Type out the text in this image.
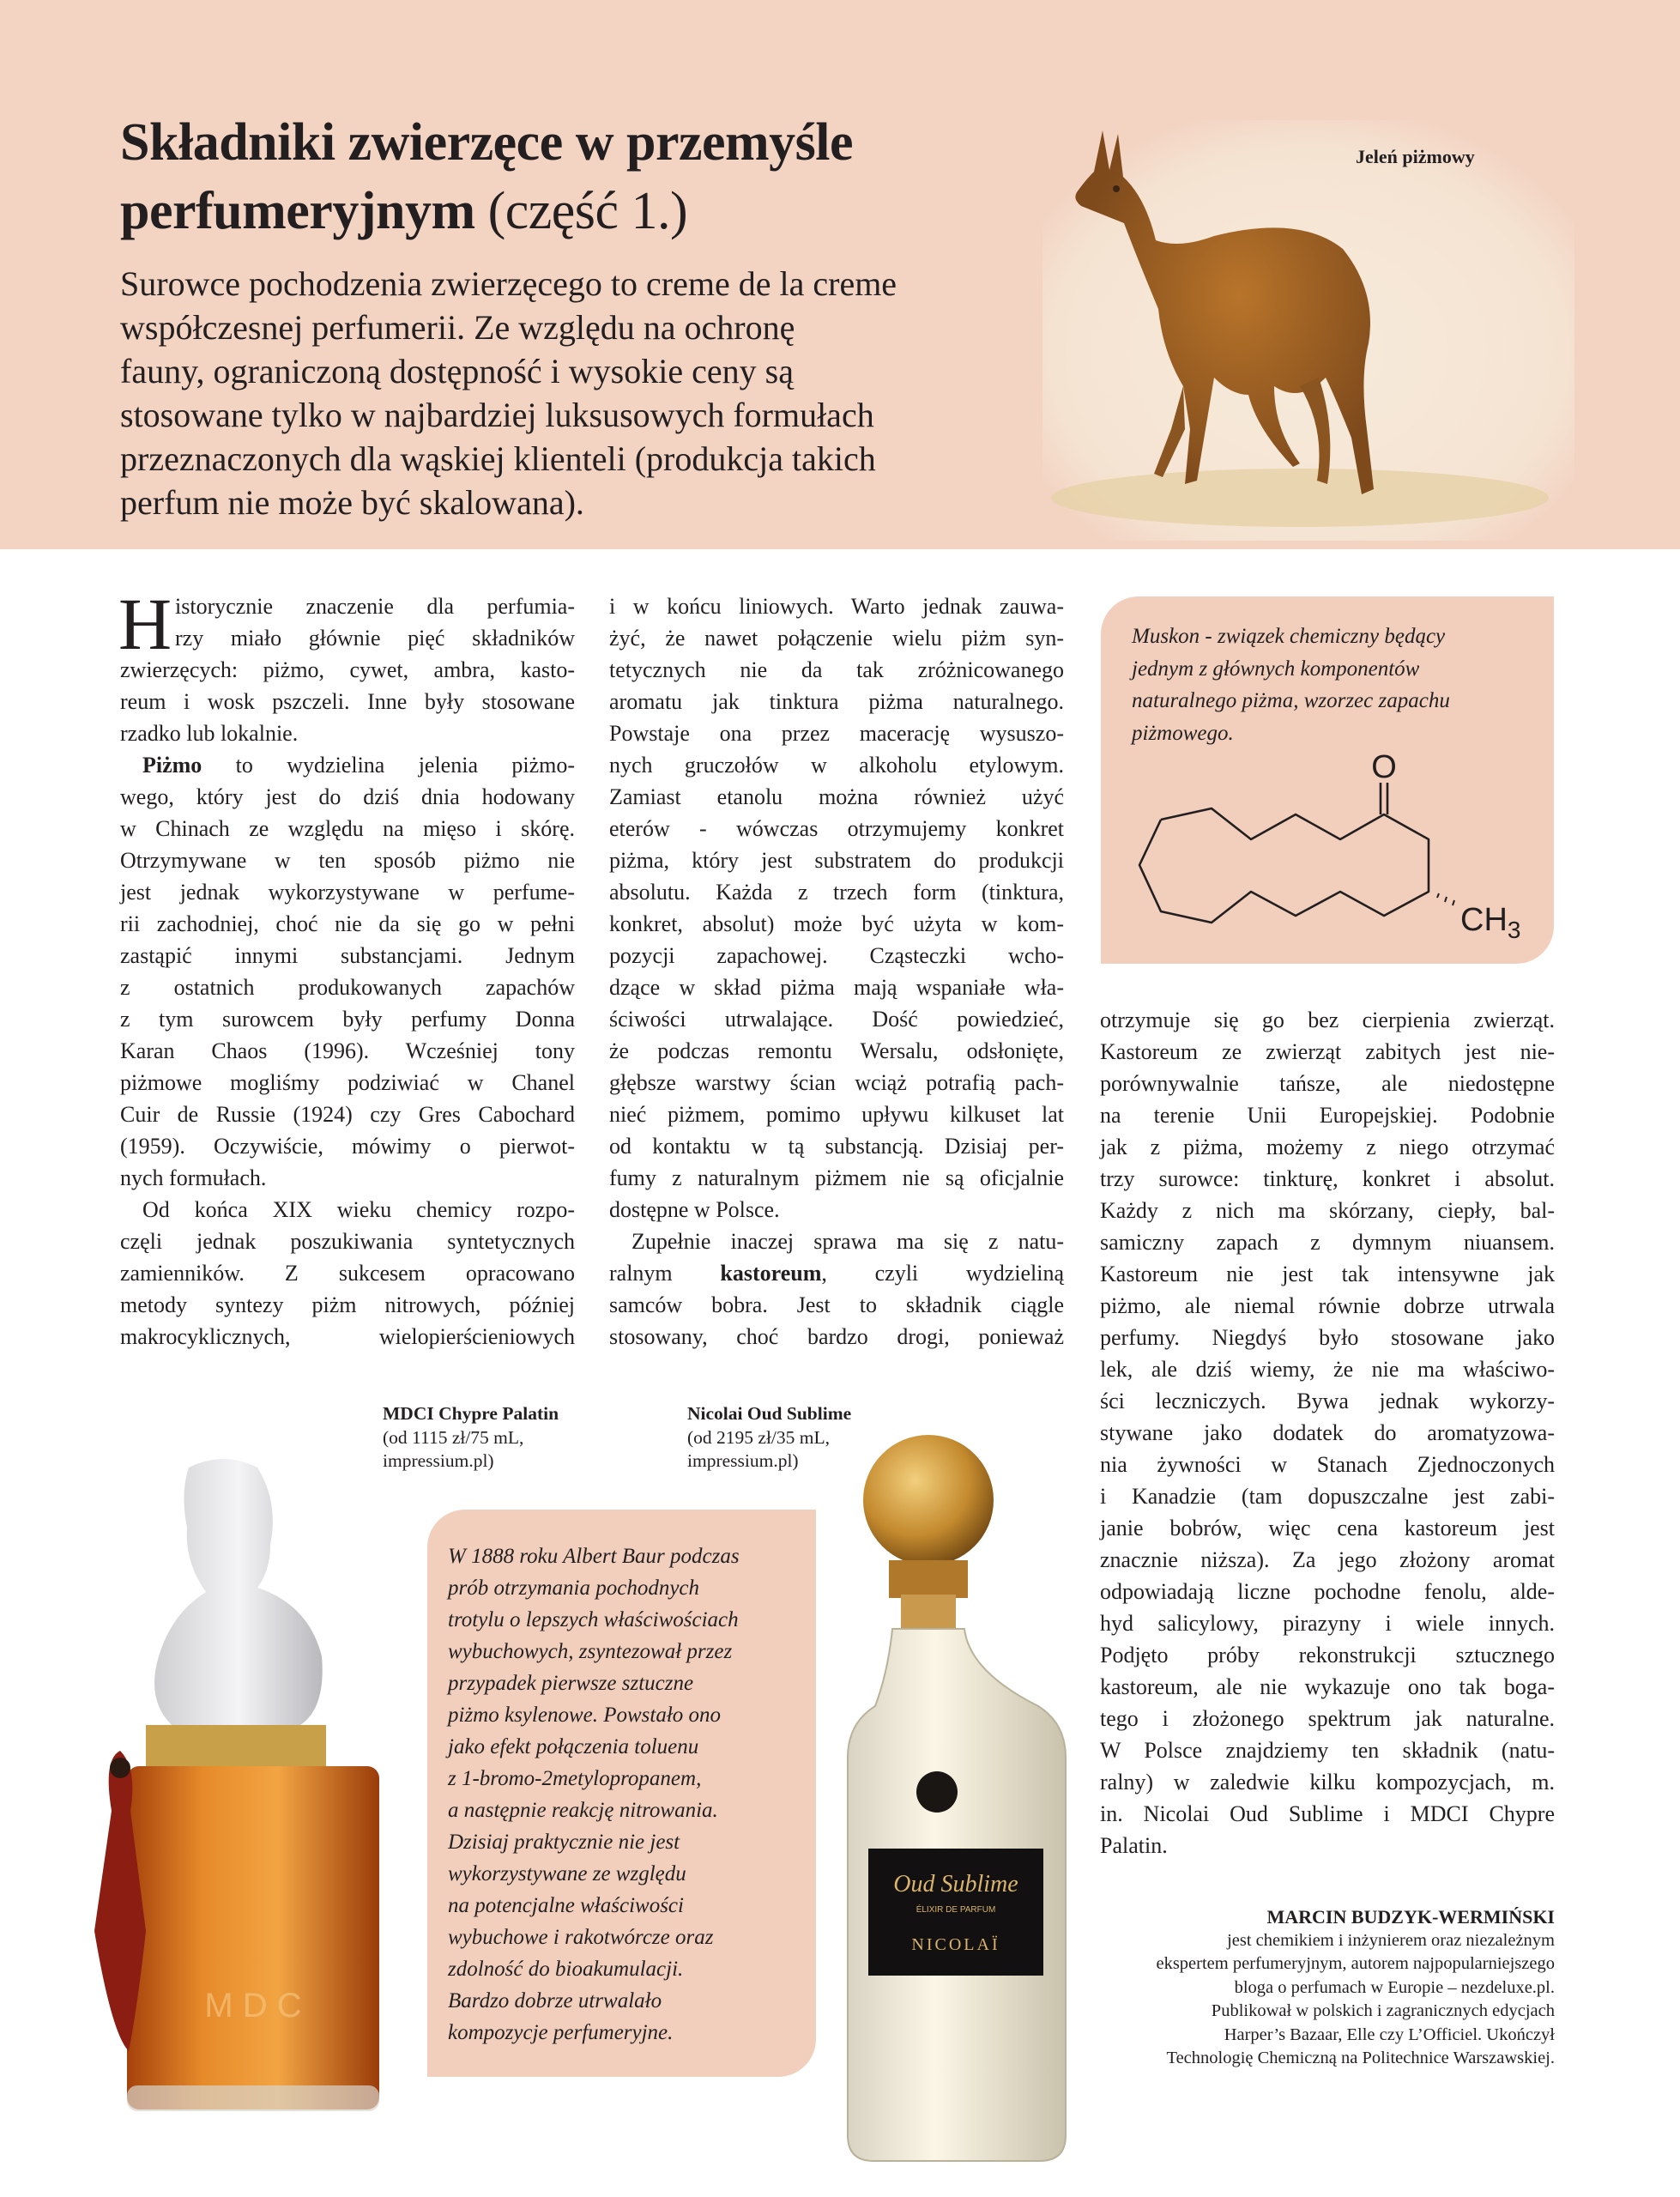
Składniki zwierzęce w przemyśle
perfumeryjnym (część 1.)
Surowce pochodzenia zwierzęcego to creme de la creme
współczesnej perfumerii. Ze względu na ochronę
fauny, ograniczoną dostępność i wysokie ceny są
stosowane tylko w najbardziej luksusowych formułach
przeznaczonych dla wąskiej klienteli (produkcja takich
perfum nie może być skalowana).
Jeleń piżmowy
H istorycznie znaczenie dla perfumia-
rzy miało głównie pięć składników
zwierzęcych: piżmo, cywet, ambra, kasto-
reum i wosk pszczeli. Inne były stosowane
rzadko lub lokalnie.
Piżmo to wydzielina jelenia piżmo-
wego, który jest do dziś dnia hodowany
w Chinach ze względu na mięso i skórę.
Otrzymywane w ten sposób piżmo nie
jest jednak wykorzystywane w perfume-
rii zachodniej, choć nie da się go w pełni
zastąpić innymi substancjami. Jednym
z ostatnich produkowanych zapachów
z tym surowcem były perfumy Donna
Karan Chaos (1996). Wcześniej tony
piżmowe mogliśmy podziwiać w Chanel
Cuir de Russie (1924) czy Gres Cabochard
(1959). Oczywiście, mówimy o pierwot-
nych formułach.
Od końca XIX wieku chemicy rozpo-
częli jednak poszukiwania syntetycznych
zamienników. Z sukcesem opracowano
metody syntezy piżm nitrowych, później
makrocyklicznych, wielopierścieniowych
i w końcu liniowych. Warto jednak zauwa-
żyć, że nawet połączenie wielu piżm syn-
tetycznych nie da tak zróżnicowanego
aromatu jak tinktura piżma naturalnego.
Powstaje ona przez macerację wysuszo-
nych gruczołów w alkoholu etylowym.
Zamiast etanolu można również użyć
eterów - wówczas otrzymujemy konkret
piżma, który jest substratem do produkcji
absolutu. Każda z trzech form (tinktura,
konkret, absolut) może być użyta w kom-
pozycji zapachowej. Cząsteczki wcho-
dzące w skład piżma mają wspaniałe wła-
ściwości utrwalające. Dość powiedzieć,
że podczas remontu Wersalu, odsłonięte,
głębsze warstwy ścian wciąż potrafią pach-
nieć piżmem, pomimo upływu kilkuset lat
od kontaktu w tą substancją. Dzisiaj per-
fumy z naturalnym piżmem nie są oficjalnie
dostępne w Polsce.
Zupełnie inaczej sprawa ma się z natu-
ralnym kastoreum, czyli wydzieliną
samców bobra. Jest to składnik ciągle
stosowany, choć bardzo drogi, ponieważ
Muskon - związek chemiczny będący
jednym z głównych komponentów
naturalnego piżma, wzorzec zapachu
piżmowego.
O
$CH_3$
otrzymuje się go bez cierpienia zwierząt.
Kastoreum ze zwierząt zabitych jest nie-
porównywalnie tańsze, ale niedostępne
na terenie Unii Europejskiej. Podobnie
jak z piżma, możemy z niego otrzymać
trzy surowce: tinkturę, konkret i absolut.
Każdy z nich ma skórzany, ciepły, bal-
samiczny zapach z dymnym niuansem.
Kastoreum nie jest tak intensywne jak
piżmo, ale niemal równie dobrze utrwala
perfumy. Niegdyś było stosowane jako
lek, ale dziś wiemy, że nie ma właściwo-
ści leczniczych. Bywa jednak wykorzy-
stywane jako dodatek do aromatyzowa-
nia żywności w Stanach Zjednoczonych
i Kanadzie (tam dopuszczalne jest zabi-
janie bobrów, więc cena kastoreum jest
znacznie niższa). Za jego złożony aromat
odpowiadają liczne pochodne fenolu, alde-
hyd salicylowy, pirazyny i wiele innych.
Podjęto próby rekonstrukcji sztucznego
kastoreum, ale nie wykazuje ono tak boga-
tego i złożonego spektrum jak naturalne.
W Polsce znajdziemy ten składnik (natu-
ralny) w zaledwie kilku kompozycjach, m.
in. Nicolai Oud Sublime i MDCI Chypre
Palatin.
MDCI Chypre Palatin
(od 1115 zł/75 mL,
impressium.pl)
Nicolai Oud Sublime
(od 2195 zł/35 mL,
impressium.pl)
M D C
W 1888 roku Albert Baur podczas
prób otrzymania pochodnych
trotylu o lepszych właściwościach
wybuchowych, zsyntezował przez
przypadek pierwsze sztuczne
piżmo ksylenowe. Powstało ono
jako efekt połączenia toluenu
z 1-bromo-2metylopropanem,
a następnie reakcję nitrowania.
Dzisiaj praktycznie nie jest
wykorzystywane ze względu
na potencjalne właściwości
wybuchowe i rakotwórcze oraz
zdolność do bioakumulacji.
Bardzo dobrze utrwalało
kompozycje perfumeryjne.
Oud Sublime
ÉLIXIR DE PARFUM
NICOLAÏ
MARCIN BUDZYK-WERMIŃSKI
jest chemikiem i inżynierem oraz niezależnym
ekspertem perfumeryjnym, autorem najpopularniejszego
bloga o perfumach w Europie – nezdeluxe.pl.
Publikował w polskich i zagranicznych edycjach
Harper’s Bazaar, Elle czy L’Officiel. Ukończył
Technologię Chemiczną na Politechnice Warszawskiej.
